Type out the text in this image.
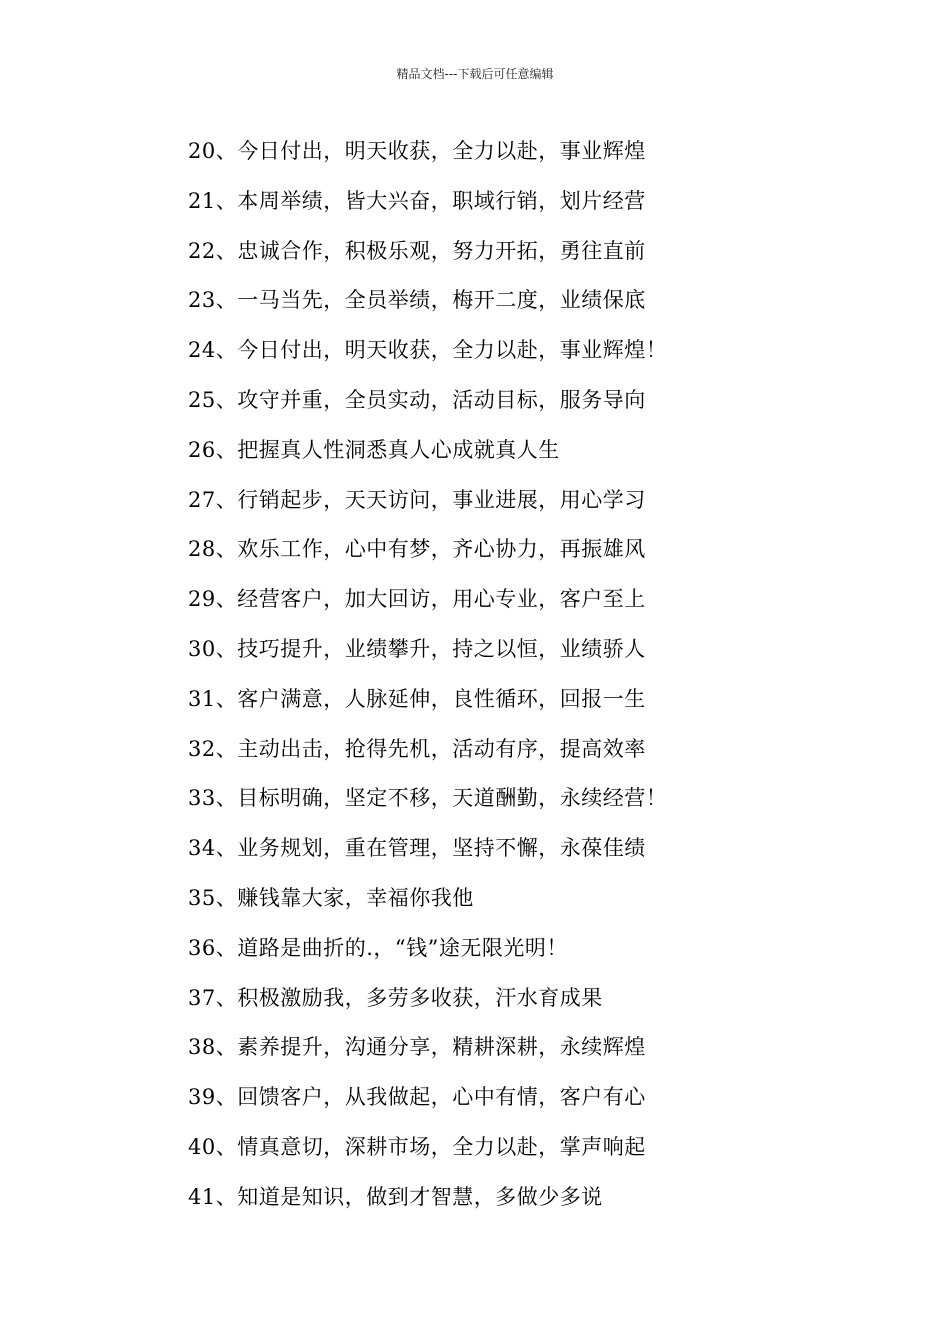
精品文档---下载后可任意编辑
20、今日付出，明天收获，全力以赴，事业辉煌
21、本周举绩，皆大兴奋，职域行销，划片经营
22、忠诚合作，积极乐观，努力开拓，勇往直前
23、一马当先，全员举绩，梅开二度，业绩保底
24、今日付出，明天收获，全力以赴，事业辉煌！
25、攻守并重，全员实动，活动目标，服务导向
26、把握真人性洞悉真人心成就真人生
27、行销起步，天天访问，事业进展，用心学习
28、欢乐工作，心中有梦，齐心协力，再振雄风
29、经营客户，加大回访，用心专业，客户至上
30、技巧提升，业绩攀升，持之以恒，业绩骄人
31、客户满意，人脉延伸，良性循环，回报一生
32、主动出击，抢得先机，活动有序，提高效率
33、目标明确，坚定不移，天道酬勤，永续经营！
34、业务规划，重在管理，坚持不懈，永葆佳绩
35、赚钱靠大家，幸福你我他
36、道路是曲折的.，“钱”途无限光明！
37、积极激励我，多劳多收获，汗水育成果
38、素养提升，沟通分享，精耕深耕，永续辉煌
39、回馈客户，从我做起，心中有情，客户有心
40、情真意切，深耕市场，全力以赴，掌声响起
41、知道是知识，做到才智慧，多做少多说
